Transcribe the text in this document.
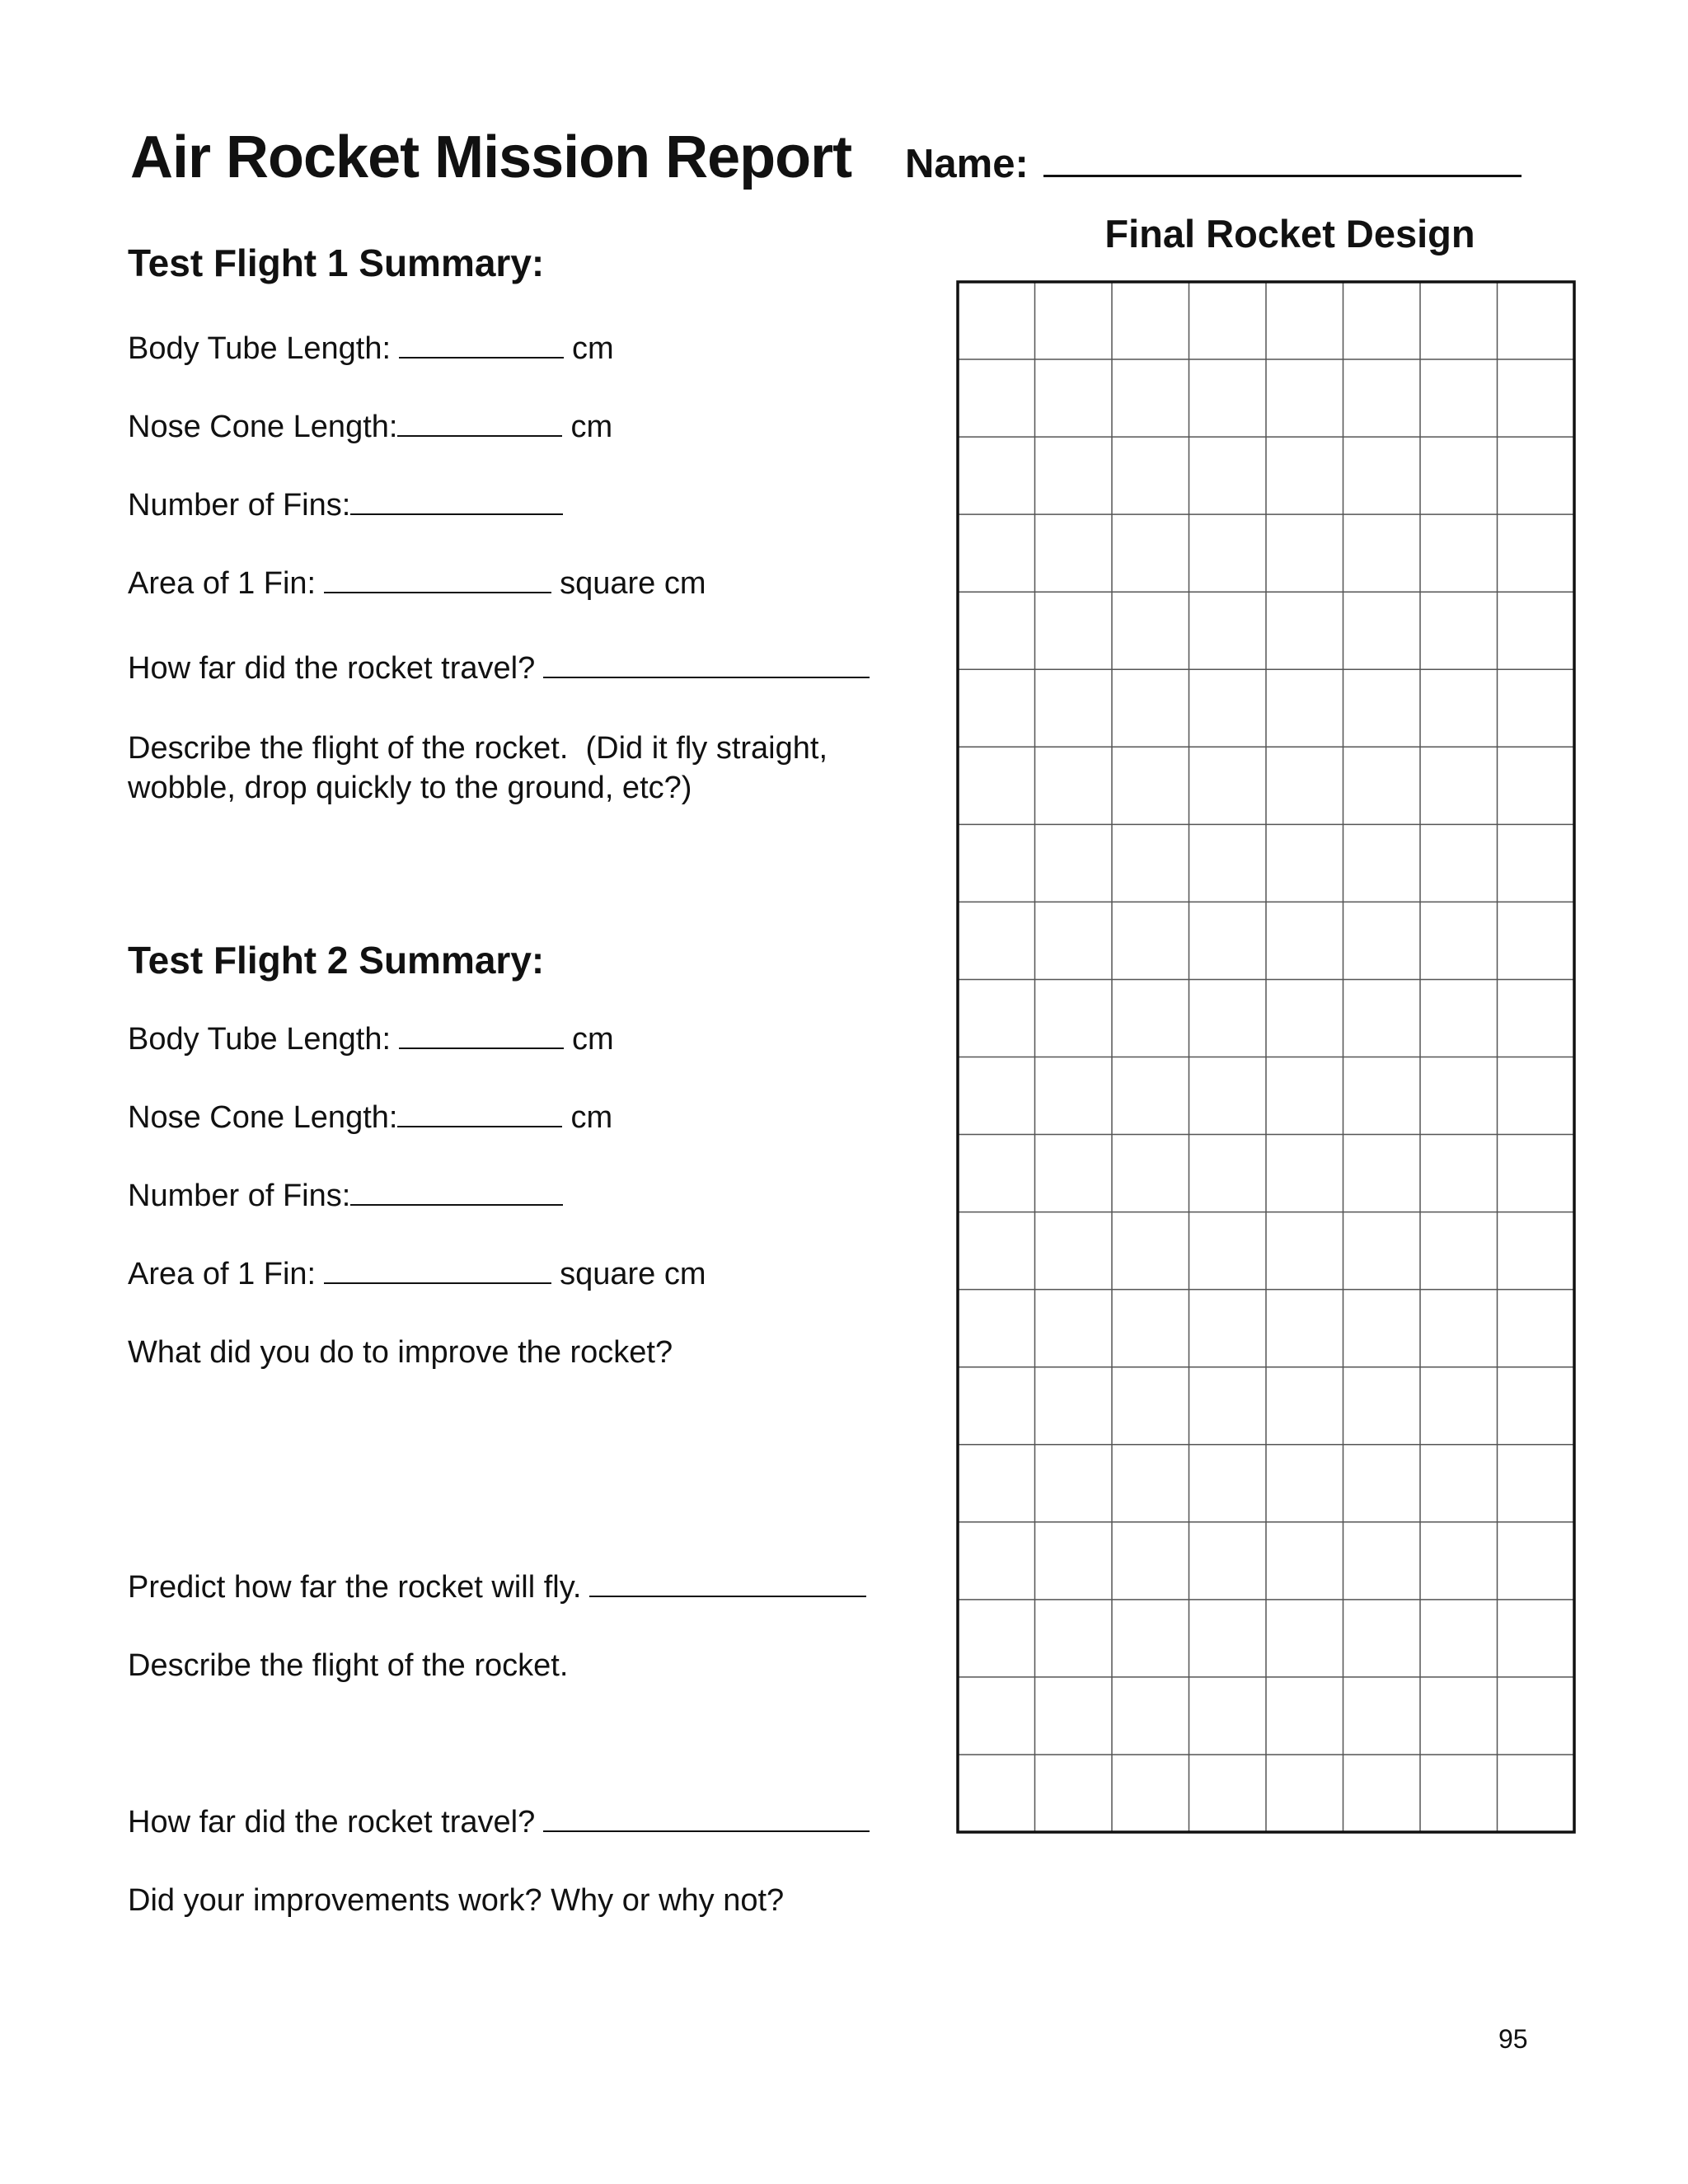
Air Rocket Mission Report Name:
Final Rocket Design
Test Flight 1 Summary:
Body Tube Length:	cm
Nose Cone Length:	cm
Number of Fins:
Area of 1 Fin:	square cm
How far did the rocket travel?
Describe the flight of the rocket.  (Did it fly straight,
wobble, drop quickly to the ground, etc?)
Test Flight 2 Summary:
Body Tube Length:	cm
Nose Cone Length:	cm
Number of Fins:
Area of 1 Fin:	square cm
What did you do to improve the rocket?
Predict how far the rocket will fly.
Describe the flight of the rocket.
How far did the rocket travel?
Did your improvements work? Why or why not?
95
